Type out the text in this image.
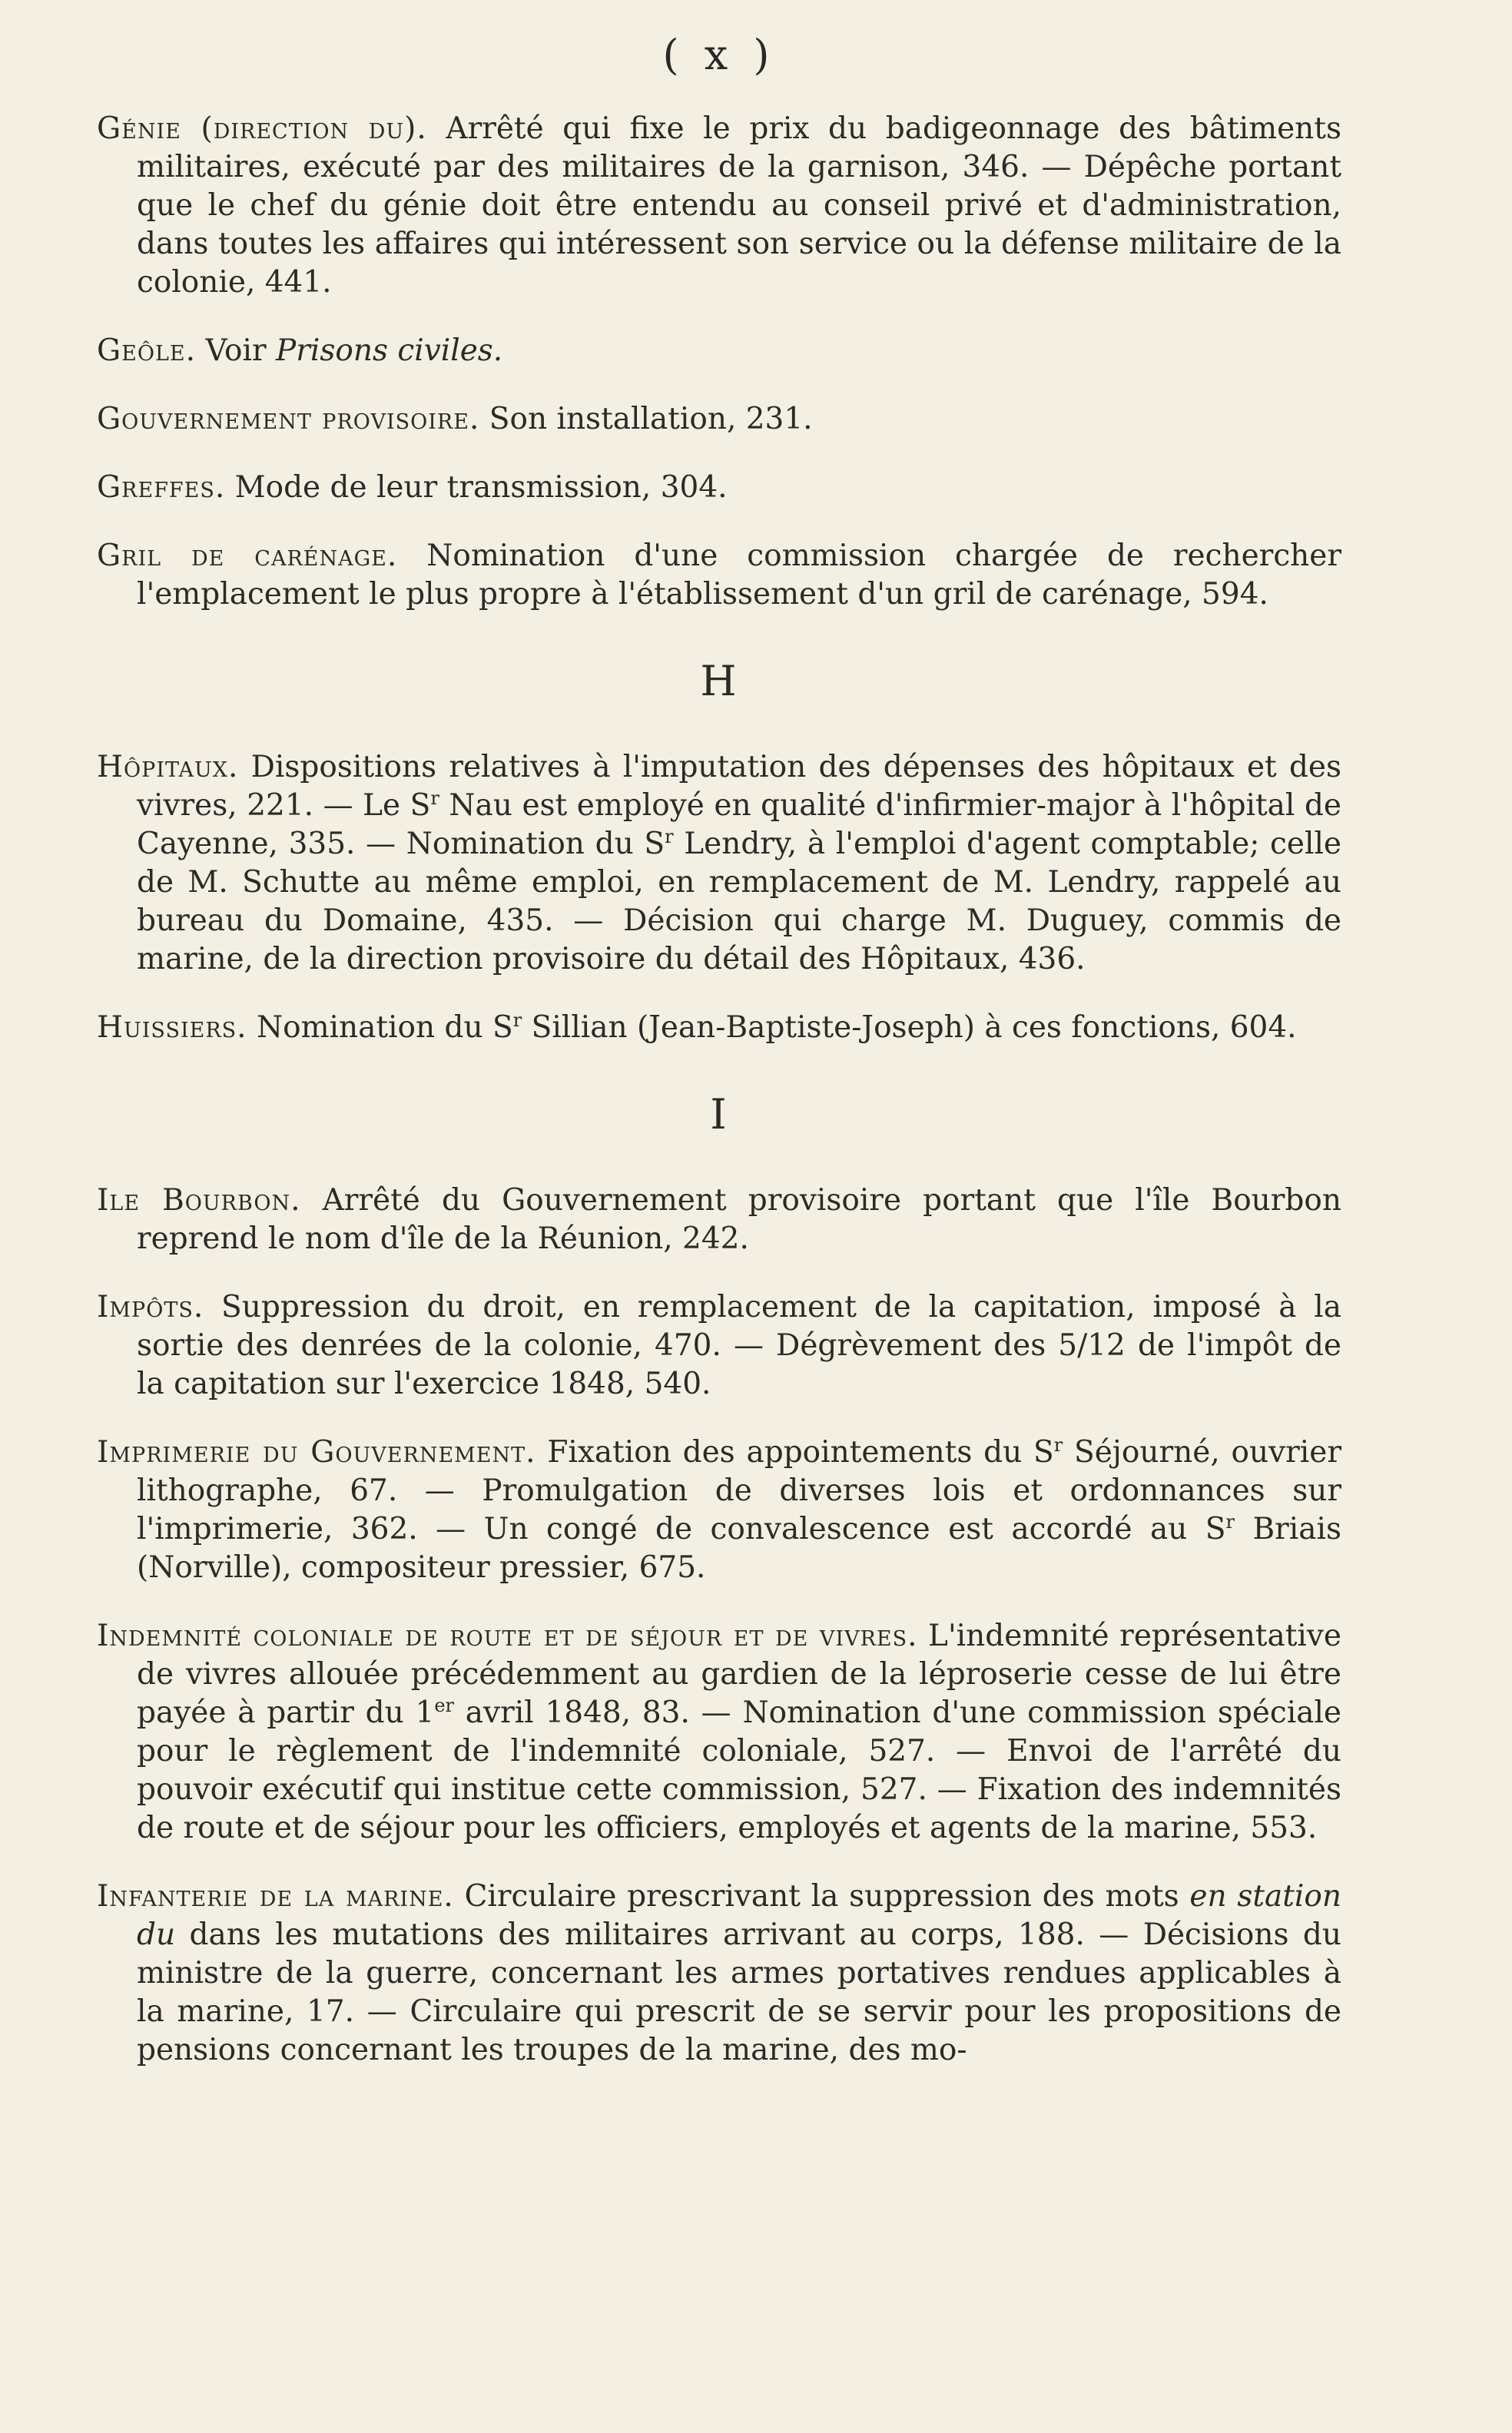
( x )

Génie (direction du). Arrêté qui fixe le prix du badigeonnage des bâtiments militaires, exécuté par des militaires de la garnison, 346. — Dépêche portant que le chef du génie doit être entendu au conseil privé et d'administration, dans toutes les affaires qui intéressent son service ou la défense militaire de la colonie, 441.

Geôle. Voir Prisons civiles.

Gouvernement provisoire. Son installation, 231.

Greffes. Mode de leur transmission, 304.

Gril de carénage. Nomination d'une commission chargée de rechercher l'emplacement le plus propre à l'établissement d'un gril de carénage, 594.

H

Hôpitaux. Dispositions relatives à l'imputation des dépenses des hôpitaux et des vivres, 221. — Le $S^r$ Nau est employé en qualité d'infirmier-major à l'hôpital de Cayenne, 335. — Nomination du $S^r$ Lendry, à l'emploi d'agent comptable; celle de M. Schutte au même emploi, en remplacement de M. Lendry, rappelé au bureau du Domaine, 435. — Décision qui charge M. Duguey, commis de marine, de la direction provisoire du détail des Hôpitaux, 436.

Huissiers. Nomination du $S^r$ Sillian (Jean-Baptiste-Joseph) à ces fonctions, 604.

I

Ile Bourbon. Arrêté du Gouvernement provisoire portant que l'île Bourbon reprend le nom d'île de la Réunion, 242.

Impôts. Suppression du droit, en remplacement de la capitation, imposé à la sortie des denrées de la colonie, 470. — Dégrèvement des 5/12 de l'impôt de la capitation sur l'exercice 1848, 540.

Imprimerie du Gouvernement. Fixation des appointements du $S^r$ Séjourné, ouvrier lithographe, 67. — Promulgation de diverses lois et ordonnances sur l'imprimerie, 362. — Un congé de convalescence est accordé au $S^r$ Briais (Norville), compositeur pressier, 675.

Indemnité coloniale de route et de séjour et de vivres. L'indemnité représentative de vivres allouée précédemment au gardien de la léproserie cesse de lui être payée à partir du 1er avril 1848, 83. — Nomination d'une commission spéciale pour le règlement de l'indemnité coloniale, 527. — Envoi de l'arrêté du pouvoir exécutif qui institue cette commission, 527. — Fixation des indemnités de route et de séjour pour les officiers, employés et agents de la marine, 553.

Infanterie de la marine. Circulaire prescrivant la suppression des mots en station du dans les mutations des militaires arrivant au corps, 188. — Décisions du ministre de la guerre, concernant les armes portatives rendues applicables à la marine, 17. — Circulaire qui prescrit de se servir pour les propositions de pensions concernant les troupes de la marine, des mo-
